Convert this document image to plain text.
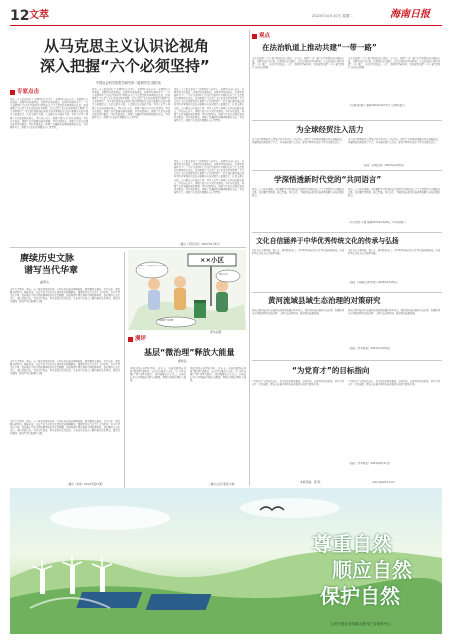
12 文萃	2023年10月10日 星期二	海南日报
从马克思主义认识论视角
深入把握“六个必须坚持”
中国社会科学院哲学研究所二级研究员 欧阳英
专家点击
党的二十大报告提出了“必须坚持人民至上、必须坚持自信自立、必须坚持守正创新、必须坚持问题导向、必须坚持系统观念、必须坚持胸怀天下”。“六个必须坚持”是习近平新时代中国特色社会主义思想的世界观和方法论，深刻体现了马克思主义认识论的基本原理。从马克思主义认识论视角深入把握“六个必须坚持”，对于我们更好地运用科学的世界观和方法论分析解决实际问题具有重要意义。认识来源于实践，人民群众是实践的主体，坚持人民至上体现了认识论的群众观点。坚持自信自立，体现了独立自主的认识原则。坚持守正创新，体现了认识发展的辩证规律。坚持问题导向，体现了认识从问题出发的基本路径。坚持系统观念，体现了普遍联系和整体把握的方法。坚持胸怀天下，体现了认识的世界眼光与人类情怀。
党的二十大报告提出了“必须坚持人民至上、必须坚持自信自立、必须坚持守正创新、必须坚持问题导向、必须坚持系统观念、必须坚持胸怀天下”。“六个必须坚持”是习近平新时代中国特色社会主义思想的世界观和方法论，深刻体现了马克思主义认识论的基本原理。从马克思主义认识论视角深入把握“六个必须坚持”，对于我们更好地运用科学的世界观和方法论分析解决实际问题具有重要意义。认识来源于实践，人民群众是实践的主体，坚持人民至上体现了认识论的群众观点。坚持自信自立，体现了独立自主的认识原则。坚持守正创新，体现了认识发展的辩证规律。坚持问题导向，体现了认识从问题出发的基本路径。坚持系统观念，体现了普遍联系和整体把握的方法。坚持胸怀天下，体现了认识的世界眼光与人类情怀。
党的二十大报告提出了“必须坚持人民至上、必须坚持自信自立、必须坚持守正创新、必须坚持问题导向、必须坚持系统观念、必须坚持胸怀天下”。“六个必须坚持”是习近平新时代中国特色社会主义思想的世界观和方法论，深刻体现了马克思主义认识论的基本原理。从马克思主义认识论视角深入把握“六个必须坚持”，对于我们更好地运用科学的世界观和方法论分析解决实际问题具有重要意义。认识来源于实践，人民群众是实践的主体，坚持人民至上体现了认识论的群众观点。坚持自信自立，体现了独立自主的认识原则。坚持守正创新，体现了认识发展的辩证规律。坚持问题导向，体现了认识从问题出发的基本路径。坚持系统观念，体现了普遍联系和整体把握的方法。坚持胸怀天下，体现了认识的世界眼光与人类情怀。
党的二十大报告提出了“必须坚持人民至上、必须坚持自信自立、必须坚持守正创新、必须坚持问题导向、必须坚持系统观念、必须坚持胸怀天下”。“六个必须坚持”是习近平新时代中国特色社会主义思想的世界观和方法论，深刻体现了马克思主义认识论的基本原理。从马克思主义认识论视角深入把握“六个必须坚持”，对于我们更好地运用科学的世界观和方法论分析解决实际问题具有重要意义。认识来源于实践，人民群众是实践的主体，坚持人民至上体现了认识论的群众观点。坚持自信自立，体现了独立自主的认识原则。坚持守正创新，体现了认识发展的辩证规律。坚持问题导向，体现了认识从问题出发的基本路径。坚持系统观念，体现了普遍联系和整体把握的方法。坚持胸怀天下，体现了认识的世界眼光与人类情怀。
（摘自《光明日报》2023年9月8日）
赓续历史文脉
谱写当代华章
曲青山
文化关乎国本、国运。每一种文明都延续着一个国家和民族的精神血脉，既需要薪火相传、代代守护，更需要与时俱进、推陈出新。习近平总书记对文化建设提出明确要求，强调坚持以马克思主义为指导，坚守中华文化立场，提炼展示中华文明的精神标识和文化精髓，加快构建中国话语和中国叙事体系。我们要坚定文化自信，秉持开放包容，坚持守正创新，担负起新的文化使命，在新的历史起点上继续推动文化繁荣、建设文化强国、建设中华民族现代文明。
文化关乎国本、国运。每一种文明都延续着一个国家和民族的精神血脉，既需要薪火相传、代代守护，更需要与时俱进、推陈出新。习近平总书记对文化建设提出明确要求，强调坚持以马克思主义为指导，坚守中华文化立场，提炼展示中华文明的精神标识和文化精髓，加快构建中国话语和中国叙事体系。我们要坚定文化自信，秉持开放包容，坚持守正创新，担负起新的文化使命，在新的历史起点上继续推动文化繁荣、建设文化强国、建设中华民族现代文明。
文化关乎国本、国运。每一种文明都延续着一个国家和民族的精神血脉，既需要薪火相传、代代守护，更需要与时俱进、推陈出新。习近平总书记对文化建设提出明确要求，强调坚持以马克思主义为指导，坚守中华文化立场，提炼展示中华文明的精神标识和文化精髓，加快构建中国话语和中国叙事体系。我们要坚定文化自信，秉持开放包容，坚持守正创新，担负起新的文化使命，在新的历史起点上继续推动文化繁荣、建设文化强国、建设中华民族现代文明。
（摘自《求是》2023年第17期）
××小区
居民们，小区的垃圾分类要求来了……
我们支持！
为民服务“微治理”
唐作品/图
漫评
基层“微治理”释放大能量
唐作品
基层是国家治理的基石。近年来，各地积极探索基层“微治理”新路径，以小切口推动大变化，从“小区议事厅”到“邻里互助站”，把问题解决在家门口，让居民在参与中增强获得感与归属感，释放出基层治理的大能量。
基层是国家治理的基石。近年来，各地积极探索基层“微治理”新路径，以小切口推动大变化，从“小区议事厅”到“邻里互助站”，把问题解决在家门口，让居民在参与中增强获得感与归属感，释放出基层治理的大能量。
（摘自人民日报客户端）
观点
在法治轨道上推动共建“一带一路”
今年是共建“一带一路”倡议提出十周年。十年来，共建“一带一路”从中国倡议走向国际实践，从理念转化为行动，从愿景转变为现实。法治是最好的营商环境。在法治轨道上推进共建“一带一路”，有利于营造稳定、公平、透明的营商环境，为高质量共建“一带一路”提供有力的法治保障。
今年是共建“一带一路”倡议提出十周年。十年来，共建“一带一路”从中国倡议走向国际实践，从理念转化为行动，从愿景转变为现实。法治是最好的营商环境。在法治轨道上推进共建“一带一路”，有利于营造稳定、公平、透明的营商环境，为高质量共建“一带一路”提供有力的法治保障。
（文/蒋 银 黄兰 原载2023年10月7日《光明日报》）
为全球经贸注入活力
第六届中国国际进口博览会将于11月在上海举办。进博会为世界各国展示国家发展成就、开展国际贸易提供了平台，为全球经贸注入活力，彰显中国坚持高水平对外开放的决心。
第六届中国国际进口博览会将于11月在上海举办。进博会为世界各国展示国家发展成就、开展国际贸易提供了平台，为全球经贸注入活力，彰显中国坚持高水平对外开放的决心。
（摘自《光明日报》2023年10月8日）
学深悟透新时代党的“共同语言”
党的二十大报告强调，全党要把学习贯彻习近平新时代中国特色社会主义思想作为首要政治任务。我们要学深悟透、融会贯通、真信笃行，不断提高运用党的创新理论解决实际问题的能力。
党的二十大报告强调，全党要把学习贯彻习近平新时代中国特色社会主义思想作为首要政治任务。我们要学深悟透、融会贯通、真信笃行，不断提高运用党的创新理论解决实际问题的能力。
（中央党校 王嘉 原载2023年9月20日《学习时报》）
文化自信涵养于中华优秀传统文化的传承与弘扬
文化自信是更基础、更广泛、更深厚的自信。中华优秀传统文化是中华民族的根和魂，是我们坚定文化自信的深厚基础。
文化自信是更基础、更广泛、更深厚的自信。中华优秀传统文化是中华民族的根和魂，是我们坚定文化自信的深厚基础。
（摘自《中国社会科学报》2023年9月25日）
黄河流域县域生态治理的对策研究
县域是黄河流域生态保护和高质量发展的基本单元。推进黄河流域县域生态治理，需要统筹山水林田湖草沙系统治理，完善生态补偿机制，推动绿色低碳发展。
县域是黄河流域生态保护和高质量发展的基本单元。推进黄河流域县域生态治理，需要统筹山水林田湖草沙系统治理，完善生态补偿机制，推动绿色低碳发展。
（摘自《学习时报》2023年10月6日）
“为党育才”的目标指向
“为党育才”是党校的初心，也是党校的根本职能。办好党校，必须坚持党校姓党，坚持为党育才、为党献策，把培养忠诚干净担当的高素质干部作为根本任务。
“为党育才”是党校的初心，也是党校的根本职能。办好党校，必须坚持党校姓党，坚持为党育才、为党献策，把培养忠诚干净担当的高素质干部作为根本任务。
（摘自《学习时报》2023年9月27日）
本版责编：郭 艳	xuhui@163.com
尊重自然
顺应自然
保护自然
人民日报社全国重点报刊广告制作中心
